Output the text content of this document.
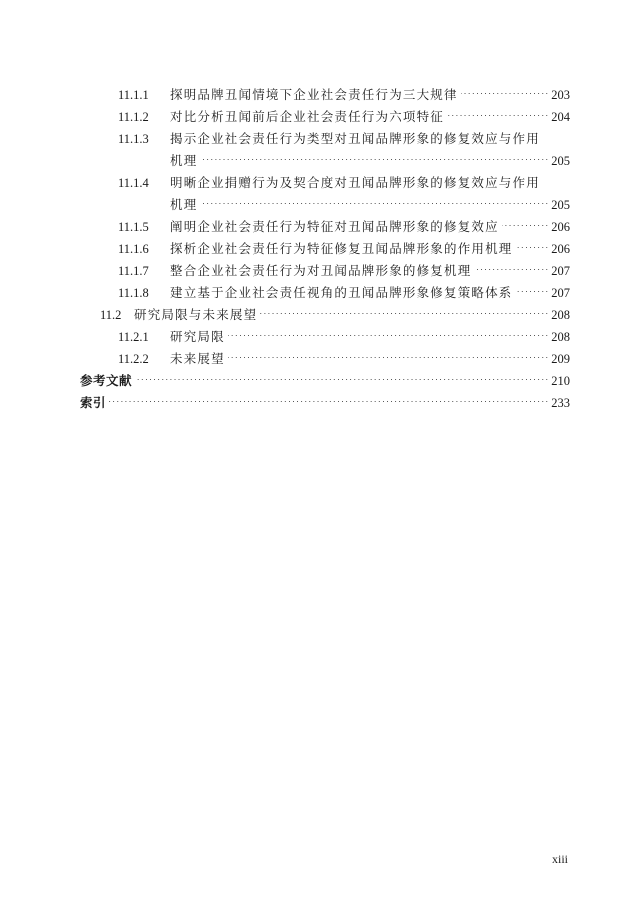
11.1.1 . . . 探明品牌丑闻情境下企业社会责任行为三大规律	203
11.1.2 . . . 对比分析丑闻前后企业社会责任行为六项特征	204
11.1.3 揭示企业社会责任行为类型对丑闻品牌形象的修复效应与作用
. . .
机理	205
11.1.4 明晰企业捐赠行为及契合度对丑闻品牌形象的修复效应与作用
. . .
机理	205
11.1.5 . . . 阐明企业社会责任行为特征对丑闻品牌形象的修复效应	206
11.1.6 . . . 探析企业社会责任行为特征修复丑闻品牌形象的作用机理	206
11.1.7 . . . 整合企业社会责任行为对丑闻品牌形象的修复机理	207
11.1.8 . . . 建立基于企业社会责任视角的丑闻品牌形象修复策略体系	207
11.2 . . . 研究局限与未来展望	208
11.2.1 . . . 研究局限	208
11.2.2 . . . 未来展望	209
. . .
参考文献	210
. . .
索引	233
xiii
